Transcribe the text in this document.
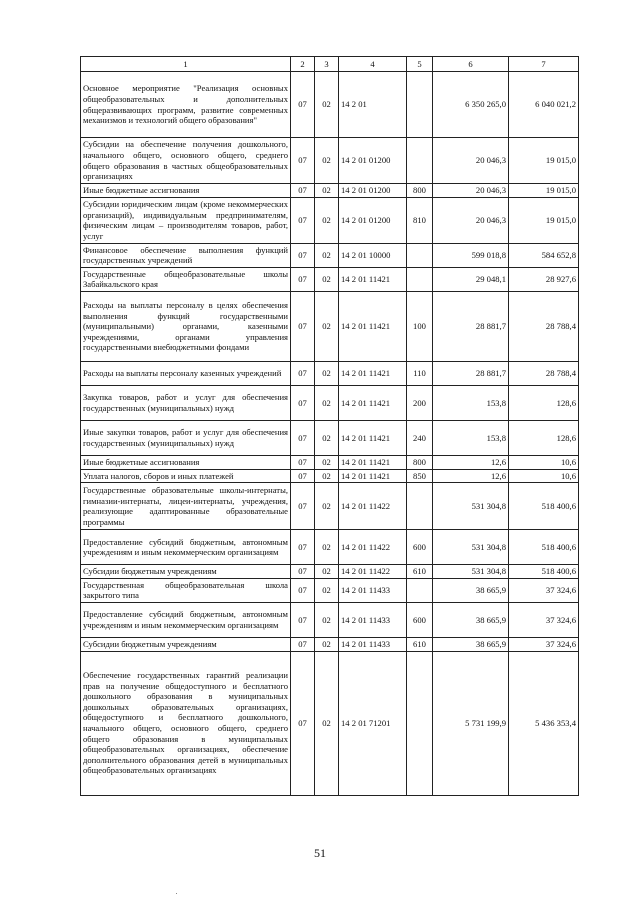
1	2	3	4	5	6	7
Основное мероприятие "Реализация основных общеобразовательных и дополнительных общеразвивающих программ, развитие современных механизмов и технологий общего образования"	07	02	14 2 01		6 350 265,0	6 040 021,2
Субсидии на обеспечение получения дошкольного, начального общего, основного общего, среднего общего образования в частных общеобразовательных организациях	07	02	14 2 01 01200		20 046,3	19 015,0
Иные бюджетные ассигнования	07	02	14 2 01 01200	800	20 046,3	19 015,0
Субсидии юридическим лицам (кроме некоммерческих организаций), индивидуальным предпринимателям, физическим лицам – производителям товаров, работ, услуг	07	02	14 2 01 01200	810	20 046,3	19 015,0
Финансовое обеспечение выполнения функций государственных учреждений	07	02	14 2 01 10000		599 018,8	584 652,8
Государственные общеобразовательные школы Забайкальского края	07	02	14 2 01 11421		29 048,1	28 927,6
Расходы на выплаты персоналу в целях обеспечения выполнения функций государственными (муниципальными) органами, казенными учреждениями, органами управления государственными внебюджетными фондами	07	02	14 2 01 11421	100	28 881,7	28 788,4
Расходы на выплаты персоналу казенных учреждений	07	02	14 2 01 11421	110	28 881,7	28 788,4
Закупка товаров, работ и услуг для обеспечения государственных (муниципальных) нужд	07	02	14 2 01 11421	200	153,8	128,6
Иные закупки товаров, работ и услуг для обеспечения государственных (муниципальных) нужд	07	02	14 2 01 11421	240	153,8	128,6
Иные бюджетные ассигнования	07	02	14 2 01 11421	800	12,6	10,6
Уплата налогов, сборов и иных платежей	07	02	14 2 01 11421	850	12,6	10,6
Государственные образовательные школы-интернаты, гимназии-интернаты, лицеи-интернаты, учреждения, реализующие адаптированные образовательные программы	07	02	14 2 01 11422		531 304,8	518 400,6
Предоставление субсидий бюджетным, автономным учреждениям и иным некоммерческим организациям	07	02	14 2 01 11422	600	531 304,8	518 400,6
Субсидии бюджетным учреждениям	07	02	14 2 01 11422	610	531 304,8	518 400,6
Государственная общеобразовательная школа закрытого типа	07	02	14 2 01 11433		38 665,9	37 324,6
Предоставление субсидий бюджетным, автономным учреждениям и иным некоммерческим организациям	07	02	14 2 01 11433	600	38 665,9	37 324,6
Субсидии бюджетным учреждениям	07	02	14 2 01 11433	610	38 665,9	37 324,6
Обеспечение государственных гарантий реализации прав на получение общедоступного и бесплатного дошкольного образования в муниципальных дошкольных образовательных организациях, общедоступного и бесплатного дошкольного, начального общего, основного общего, среднего общего образования в муниципальных общеобразовательных организациях, обеспечение дополнительного образования детей в муниципальных общеобразовательных организациях	07	02	14 2 01 71201		5 731 199,9	5 436 353,4
51
